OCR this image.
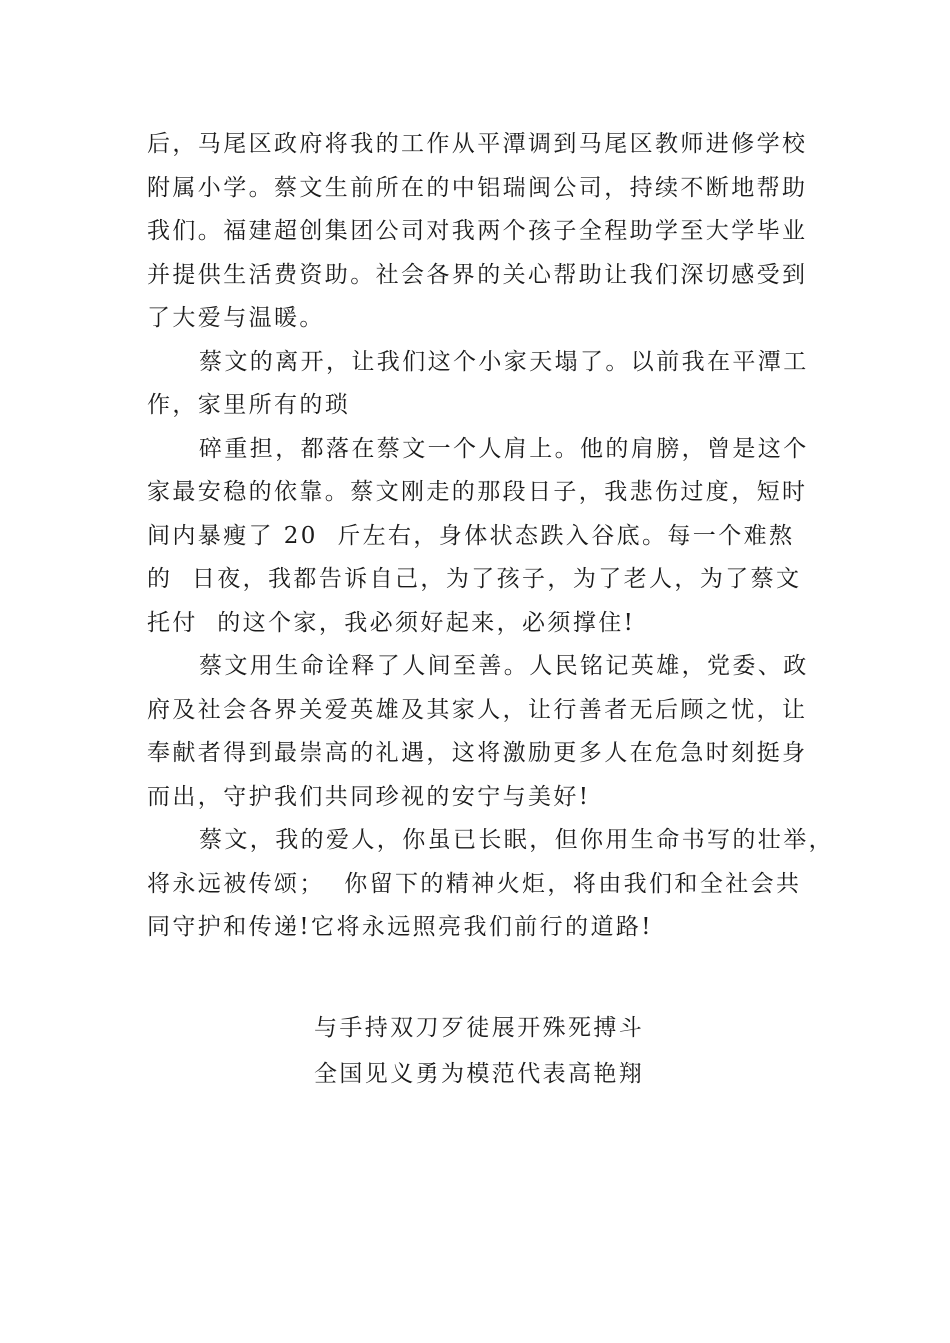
后，马尾区政府将我的工作从平潭调到马尾区教师进修学校

附属小学。蔡文生前所在的中铝瑞闽公司，持续不断地帮助

我们。福建超创集团公司对我两个孩子全程助学至大学毕业

并提供生活费资助。社会各界的关心帮助让我们深切感受到

了大爱与温暖。

蔡文的离开，让我们这个小家天塌了。以前我在平潭工

作，家里所有的琐

碎重担，都落在蔡文一个人肩上。他的肩膀，曾是这个

家最安稳的依靠。蔡文刚走的那段日子，我悲伤过度，短时

间内暴瘦了 20  斤左右，身体状态跌入谷底。每一个难熬

的  日夜，我都告诉自己，为了孩子，为了老人，为了蔡文

托付  的这个家，我必须好起来，必须撑住!

蔡文用生命诠释了人间至善。人民铭记英雄，党委、政

府及社会各界关爱英雄及其家人，让行善者无后顾之忧，让

奉献者得到最崇高的礼遇，这将激励更多人在危急时刻挺身

而出，守护我们共同珍视的安宁与美好!

蔡文，我的爱人，你虽已长眠，但你用生命书写的壮举，

将永远被传颂；  你留下的精神火炬，将由我们和全社会共

同守护和传递!它将永远照亮我们前行的道路!

与手持双刀歹徒展开殊死搏斗
全国见义勇为模范代表高艳翔
